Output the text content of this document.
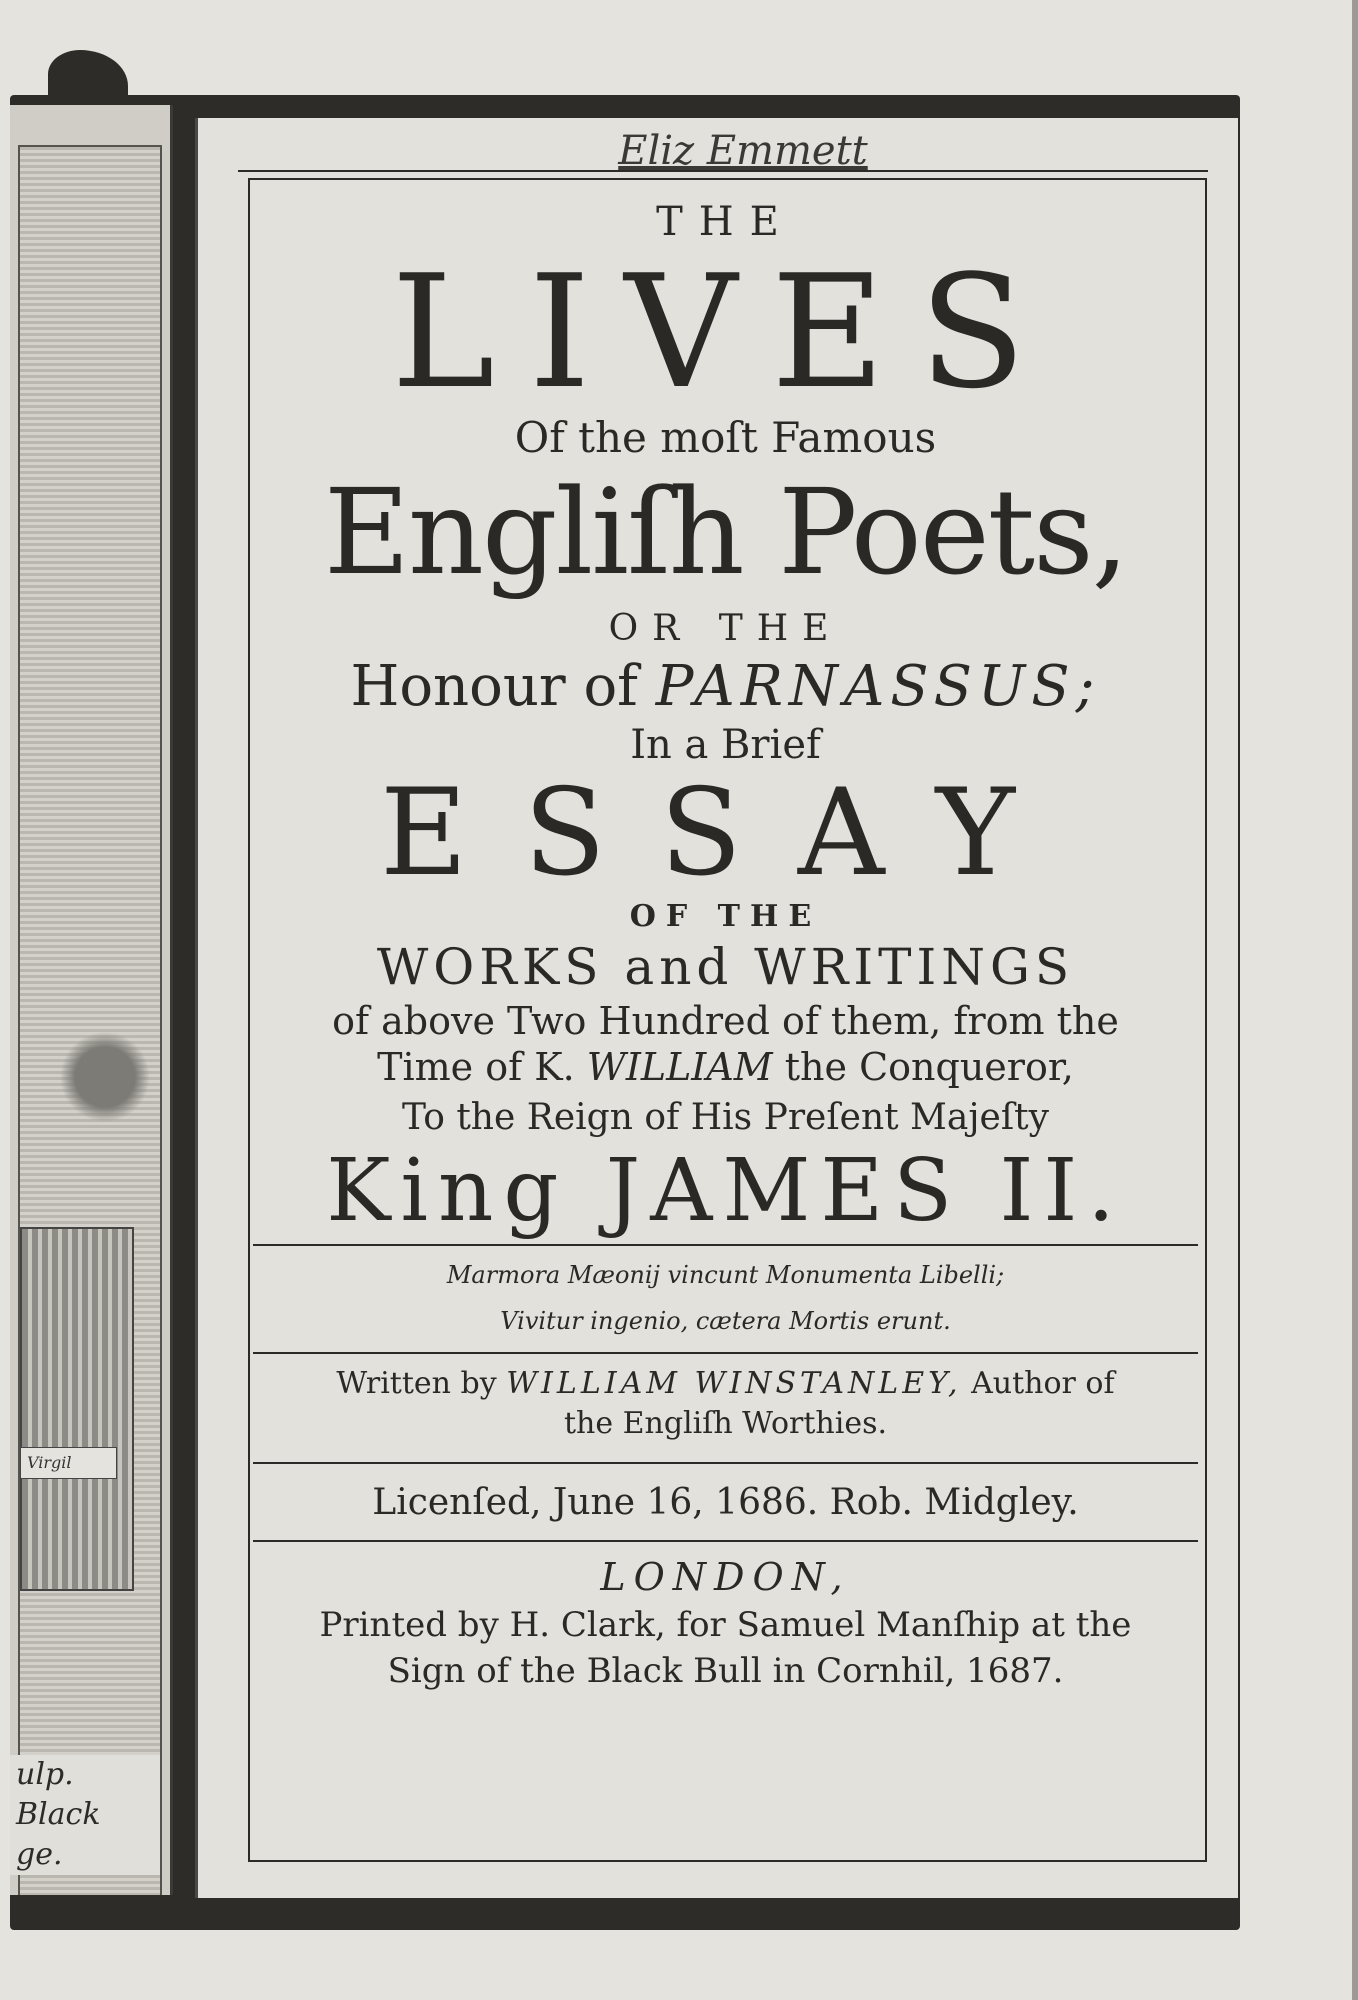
Virgil
ulp.
Black
ge.
Eliz Emmett
THE
LIVES
Of the moſt Famous
Engliſh Poets,
OR THE
Honour of PARNASSUS;
In a Brief
ESSAY
OF THE
WORKS and WRITINGS
of above Two Hundred of them, from the
Time of K. WILLIAM the Conqueror,
To the Reign of His Preſent Majeſty
King JAMES II.
Marmora Mæonij vincunt Monumenta Libelli;
Vivitur ingenio, cætera Mortis erunt.
Written by WILLIAM WINSTANLEY, Author of
the Engliſh Worthies.
Licenſed, June 16, 1686. Rob. Midgley.
LONDON,
Printed by H. Clark, for Samuel Manſhip at the
Sign of the Black Bull in Cornhil, 1687.
